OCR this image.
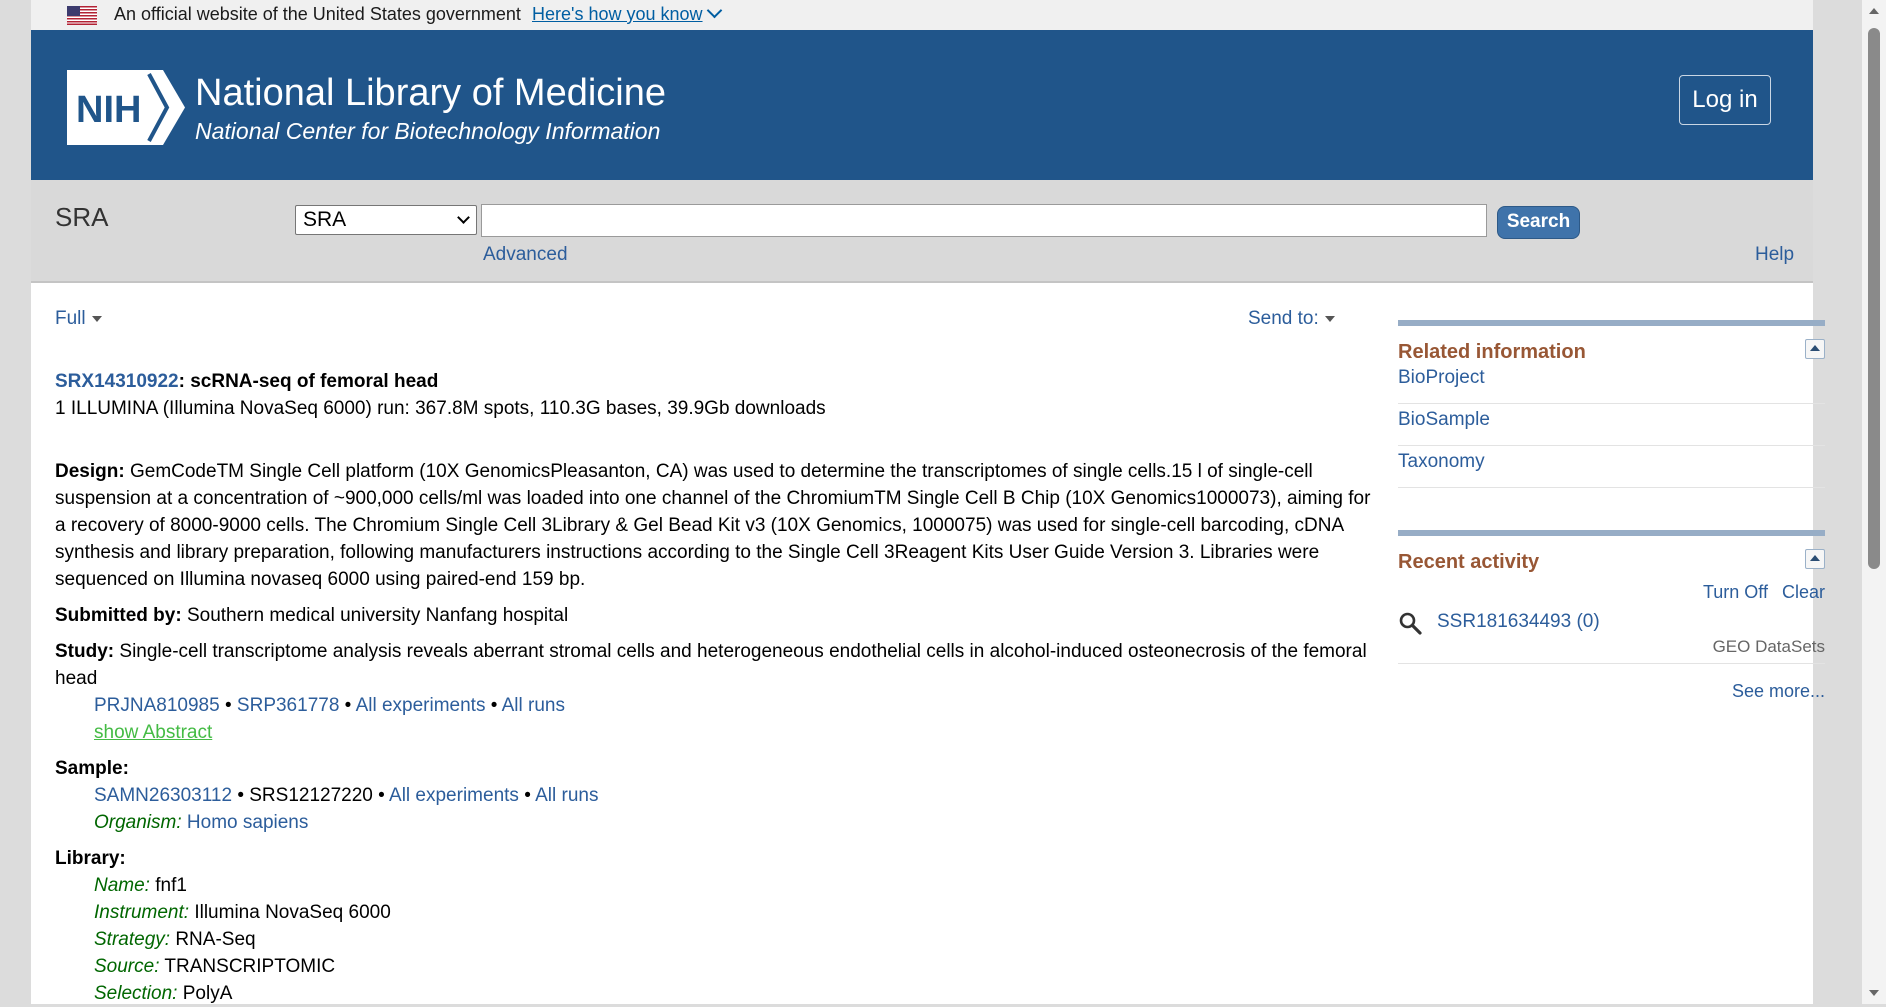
An official website of the United States government Here's how you know
NIH National Library of Medicine
National Center for Biotechnology Information
Log in
SRA	SRA	Search
Advanced	Help
Full	Send to:

SRX14310922: scRNA-seq of femoral head

1 ILLUMINA (Illumina NovaSeq 6000) run: 367.8M spots, 110.3G bases, 39.9Gb downloads

Design: GemCodeTM Single Cell platform (10X GenomicsPleasanton, CA) was used to determine the transcriptomes of single cells.15 l of single-cell suspension at a concentration of ~900,000 cells/ml was loaded into one channel of the ChromiumTM Single Cell B Chip (10X Genomics1000073), aiming for a recovery of 8000-9000 cells. The Chromium Single Cell 3Library & Gel Bead Kit v3 (10X Genomics, 1000075) was used for single-cell barcoding, cDNA synthesis and library preparation, following manufacturers instructions according to the Single Cell 3Reagent Kits User Guide Version 3. Libraries were sequenced on Illumina novaseq 6000 using paired-end 159 bp.

Submitted by: Southern medical university Nanfang hospital

Study: Single-cell transcriptome analysis reveals aberrant stromal cells and heterogeneous endothelial cells in alcohol-induced osteonecrosis of the femoral head

PRJNA810985 • SRP361778 • All experiments • All runs

show Abstract

Sample:

SAMN26303112 • SRS12127220 • All experiments • All runs

Organism: Homo sapiens

Library:

Name: fnf1

Instrument: Illumina NovaSeq 6000

Strategy: RNA-Seq

Source: TRANSCRIPTOMIC

Selection: PolyA

Related information
BioProject
BioSample
Taxonomy
Recent activity
Turn Off Clear
SSR181634493 (0)
GEO DataSets
See more...
